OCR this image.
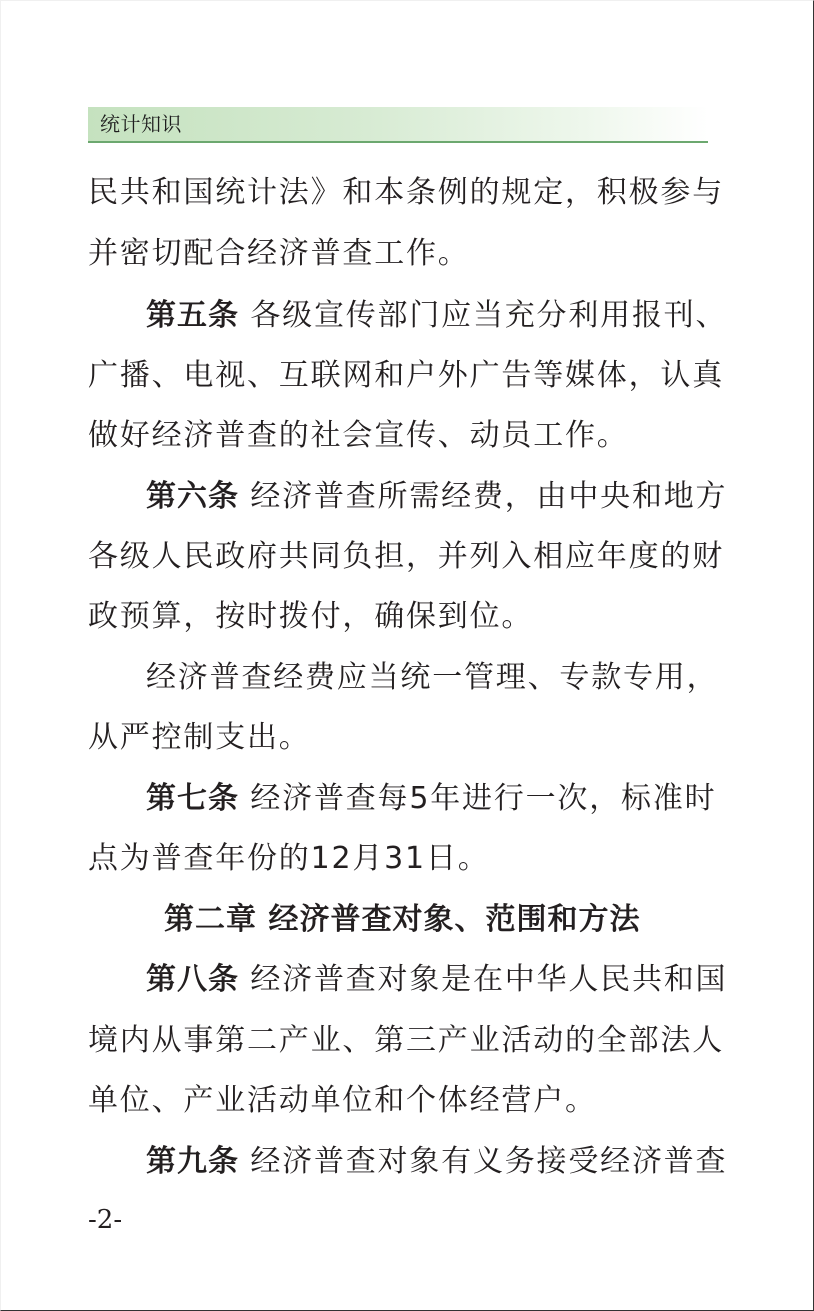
统计知识
民共和国统计法》和本条例的规定，积极参与
并密切配合经济普查工作。
第五条 各级宣传部门应当充分利用报刊、
广播、电视、互联网和户外广告等媒体，认真
做好经济普查的社会宣传、动员工作。
第六条 经济普查所需经费，由中央和地方
各级人民政府共同负担，并列入相应年度的财
政预算，按时拨付，确保到位。
经济普查经费应当统一管理、专款专用，
从严控制支出。
第七条 经济普查每5年进行一次，标准时
点为普查年份的12月31日。
第二章 经济普查对象、范围和方法
第八条 经济普查对象是在中华人民共和国
境内从事第二产业、第三产业活动的全部法人
单位、产业活动单位和个体经营户。
第九条 经济普查对象有义务接受经济普查
-2-
